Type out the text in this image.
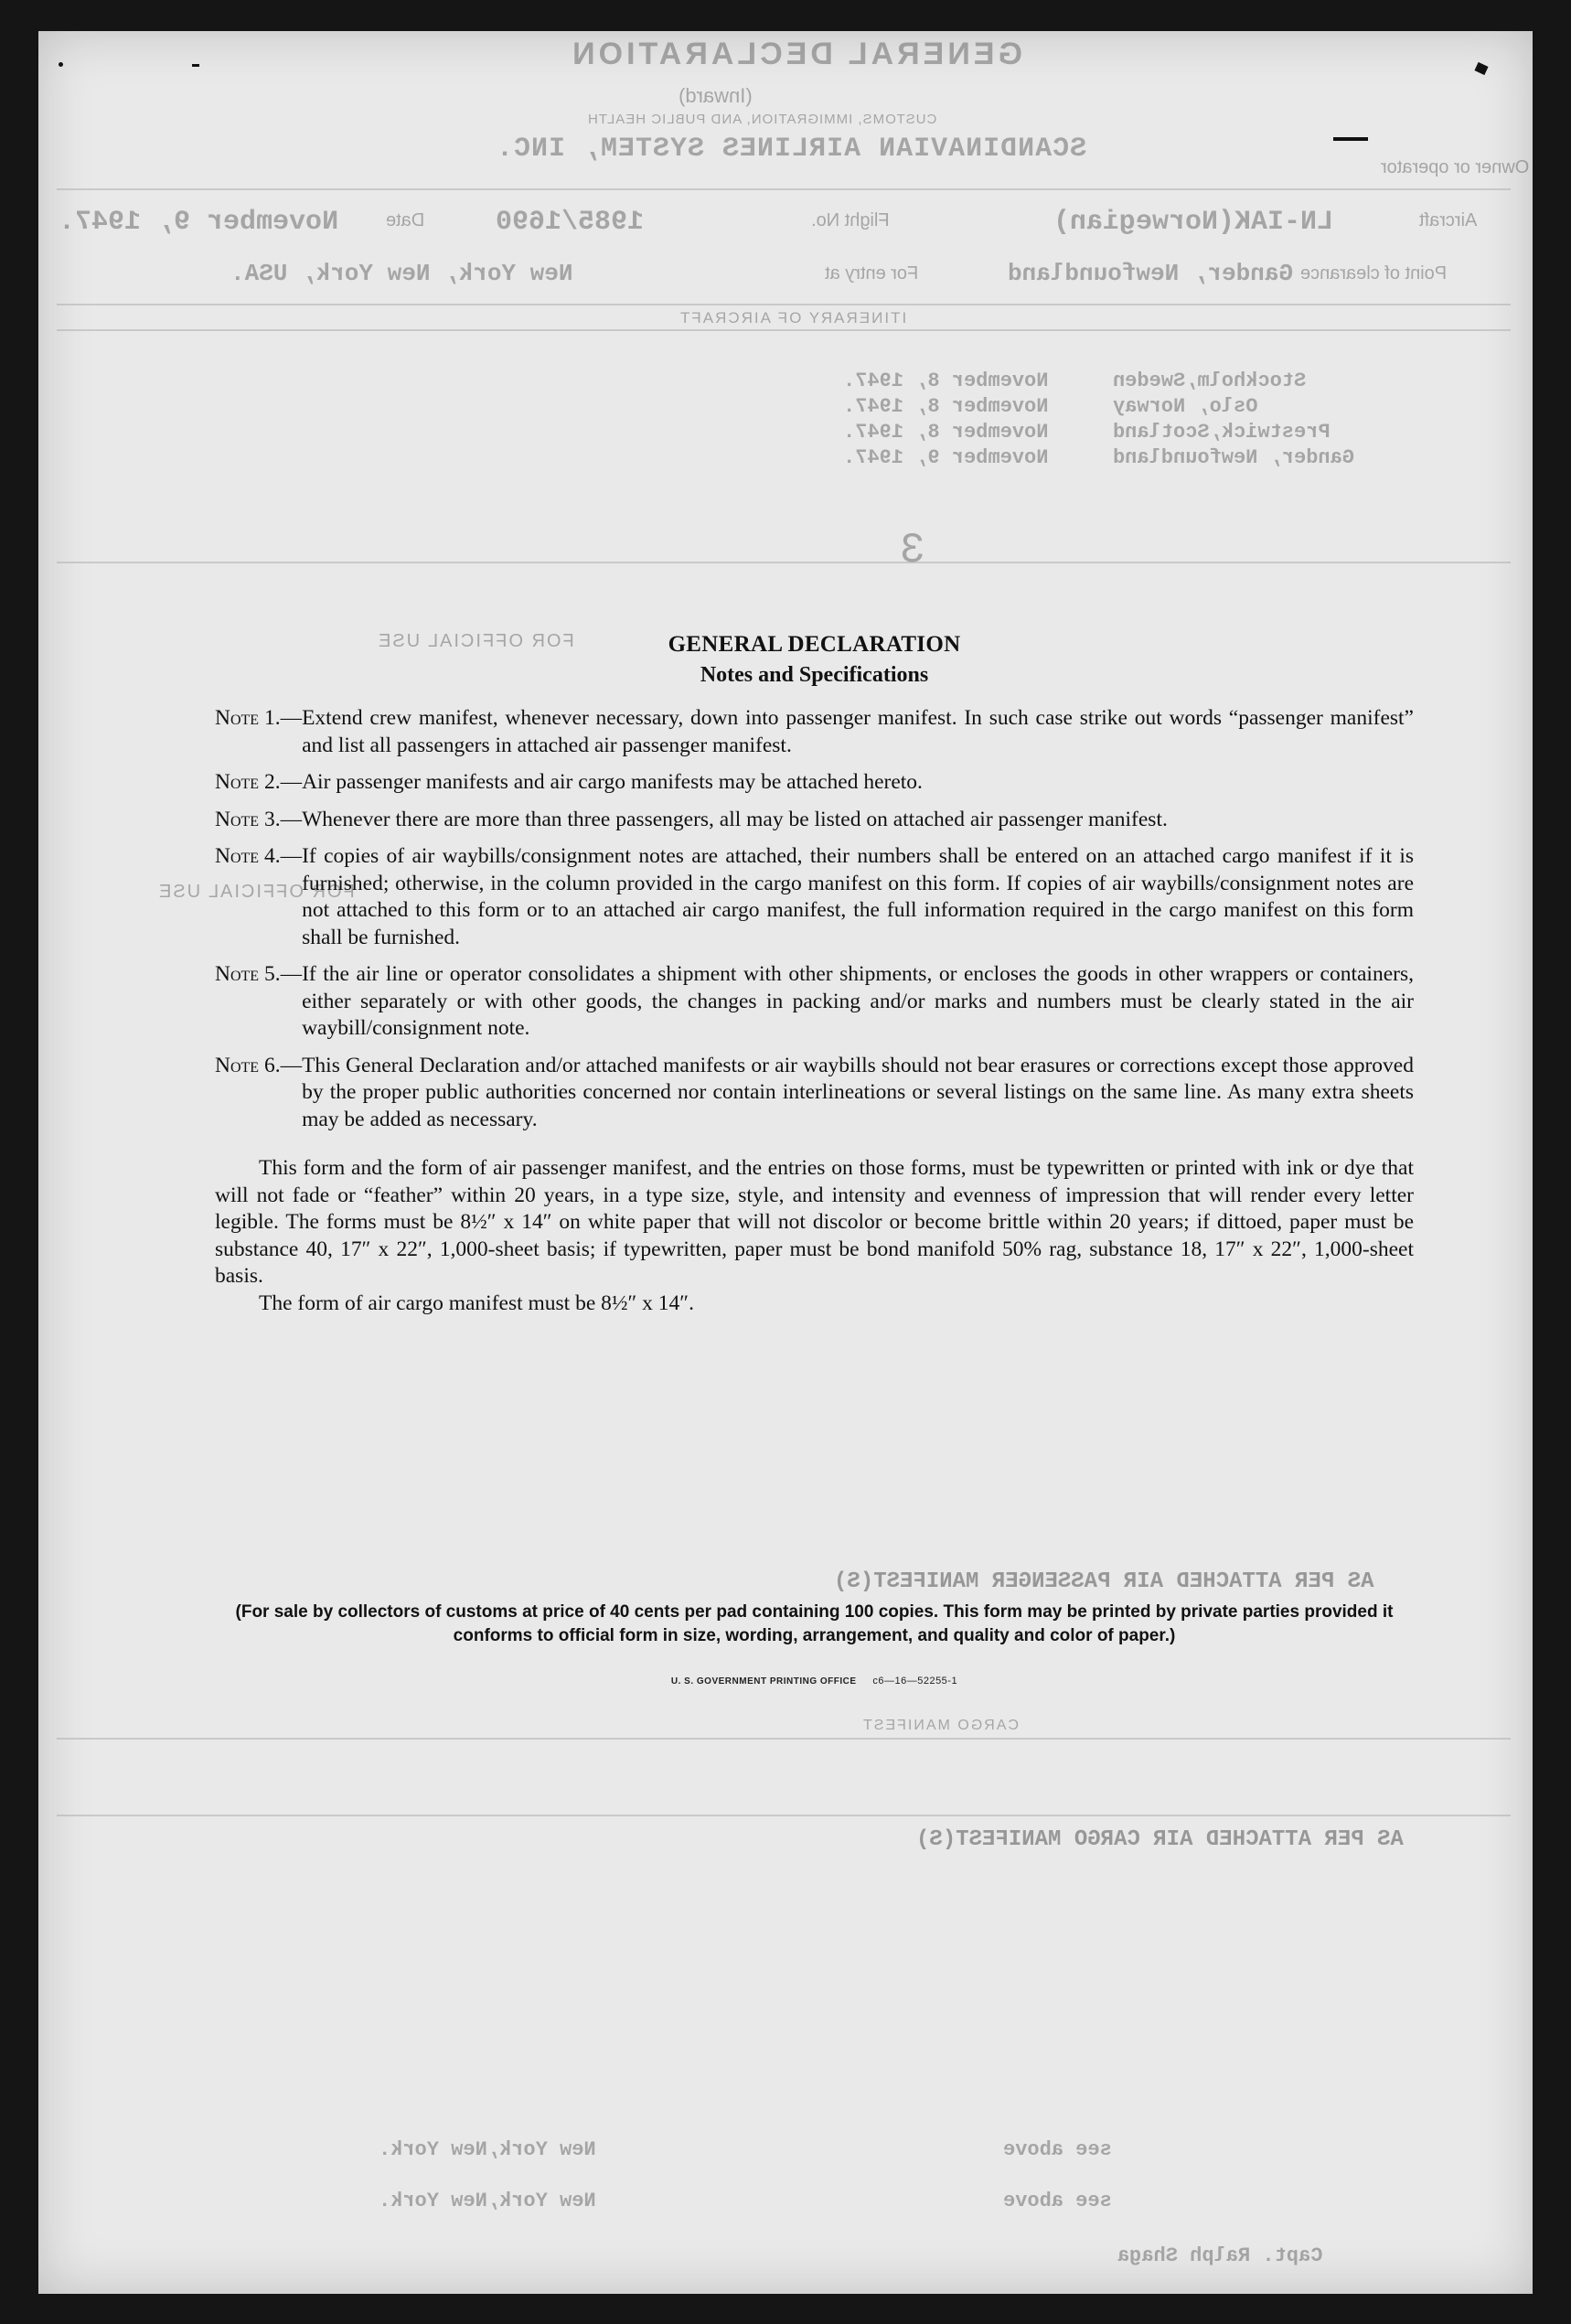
GENERAL DECLARATION
(Inward)
CUSTOMS, IMMIGRATION, AND PUBLIC HEALTH
SCANDINAVIAN AIRLINES SYSTEM, INC.
Owner or operator
Aircraft
LN-IAK(Norwegian)
Flight No.
1985/1690
Date
November 9, 1947.
Point of clearance
Gander, Newfoundland
For entry at
New York, New York, USA.
ITINERARY OF AIRCRAFT
Stockholm,Sweden
November 8, 1947.
Oslo, Norway
November 8, 1947.
Prestwick,Scotland
November 8, 1947.
Gander, Newfoundland
November 9, 1947.
3
FOR OFFICIAL USE
FOR OFFICIAL USE
AS PER ATTACHED AIR PASSENGER MANIFEST(S)
CARGO MANIFEST
AS PER ATTACHED AIR CARGO MANIFEST(S)
see above
New York,New York.
see above
New York,New York.
Capt. Ralph Shaga
GENERAL DECLARATION
Notes and Specifications
Note 1.— Extend crew manifest, whenever necessary, down into passenger manifest. In such case strike out words “passenger manifest” and list all passengers in attached air passenger manifest.
Note 2.— Air passenger manifests and air cargo manifests may be attached hereto.
Note 3.— Whenever there are more than three passengers, all may be listed on attached air passenger manifest.
Note 4.— If copies of air waybills/consignment notes are attached, their numbers shall be entered on an attached cargo manifest if it is furnished; otherwise, in the column provided in the cargo manifest on this form. If copies of air waybills/consignment notes are not attached to this form or to an attached air cargo manifest, the full information required in the cargo manifest on this form shall be furnished.
Note 5.— If the air line or operator consolidates a shipment with other shipments, or encloses the goods in other wrappers or containers, either separately or with other goods, the changes in packing and/or marks and numbers must be clearly stated in the air waybill/consignment note.
Note 6.— This General Declaration and/or attached manifests or air waybills should not bear erasures or corrections except those approved by the proper public authorities concerned nor contain interlineations or several listings on the same line. As many extra sheets may be added as necessary.
This form and the form of air passenger manifest, and the entries on those forms, must be typewritten or printed with ink or dye that will not fade or “feather” within 20 years, in a type size, style, and intensity and evenness of impression that will render every letter legible. The forms must be 8½″ x 14″ on white paper that will not discolor or become brittle within 20 years; if dittoed, paper must be substance 40, 17″ x 22″, 1,000-sheet basis; if typewritten, paper must be bond manifold 50% rag, substance 18, 17″ x 22″, 1,000-sheet basis.
The form of air cargo manifest must be 8½″ x 14″.
(For sale by collectors of customs at price of 40 cents per pad containing 100 copies. This form may be printed by private parties provided it conforms to official form in size, wording, arrangement, and quality and color of paper.)
U. S. GOVERNMENT PRINTING OFFICE c6—16—52255-1
